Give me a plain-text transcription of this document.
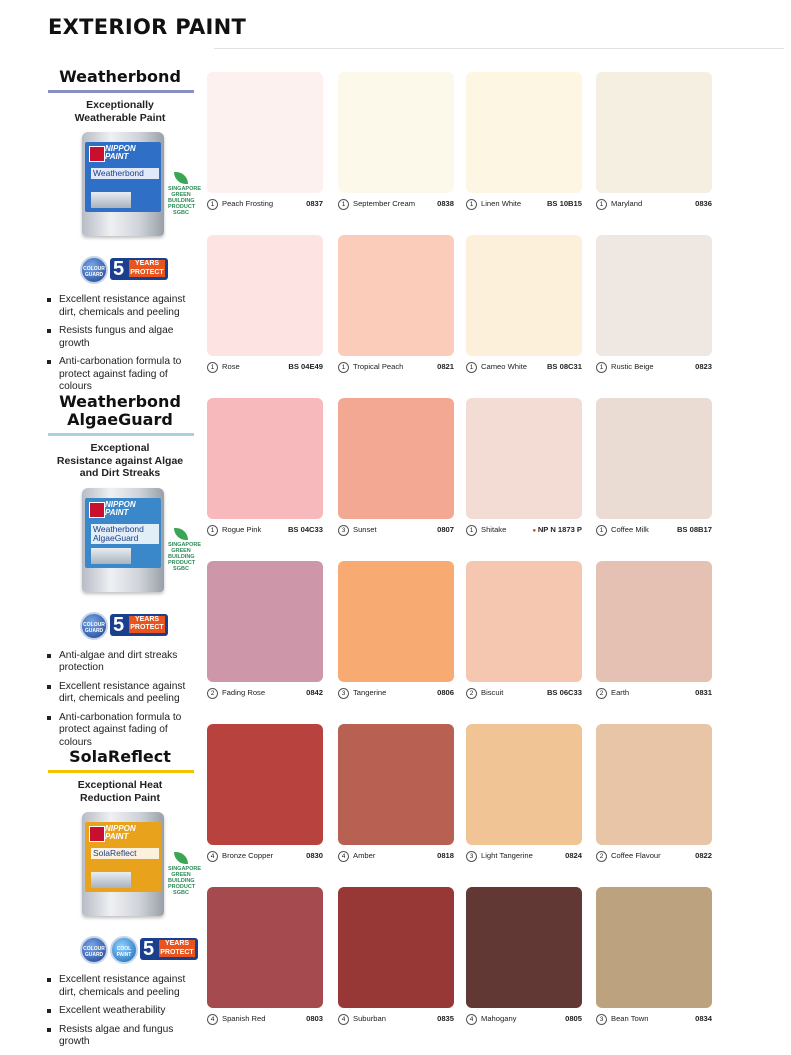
EXTERIOR PAINT
Weatherbond
Exceptionally
Weatherable Paint
NIPPON PAINT
Weatherbond
SINGAPORE
GREEN
BUILDING
PRODUCT
SGBC
COLOUR GUARD 5	YEARS PROTECT
Excellent resistance against dirt, chemicals and peeling
Resists fungus and algae growth
Anti-carbonation formula to protect against fading of colours
Weatherbond
AlgaeGuard
Exceptional
Resistance against Algae
and Dirt Streaks
NIPPON PAINT
Weatherbond
AlgaeGuard
SINGAPORE
GREEN
BUILDING
PRODUCT
SGBC
COLOUR GUARD 5	YEARS PROTECT
Anti-algae and dirt streaks protection
Excellent resistance against dirt, chemicals and peeling
Anti-carbonation formula to protect against fading of colours
SolaReflect
Exceptional Heat
Reduction Paint
NIPPON PAINT
SolaReflect
SINGAPORE
GREEN
BUILDING
PRODUCT
SGBC
COLOUR GUARD
COOL PAINT 5	YEARS PROTECT
Excellent resistance against dirt, chemicals and peeling
Excellent weatherability
Resists algae and fungus growth
1	Peach Frosting	0837	1	September Cream	0838	1	Linen White	BS 10B15	1	Maryland	0836
1	Rose	BS 04E49	1	Tropical Peach	0821	1	Cameo White	BS 08C31	1	Rustic Beige	0823
1	Rogue Pink	BS 04C33	3	Sunset	0807	1	Shitake
●	NP N 1873 P	1	Coffee Milk	BS 08B17
2	Fading Rose	0842	3	Tangerine	0806	2	Biscuit	BS 06C33	2	Earth	0831
4	Bronze Copper	0830	4	Amber	0818	3	Light Tangerine	0824	2	Coffee Flavour	0822
4	Spanish Red	0803	4	Suburban	0835	4	Mahogany	0805	3	Bean Town	0834
